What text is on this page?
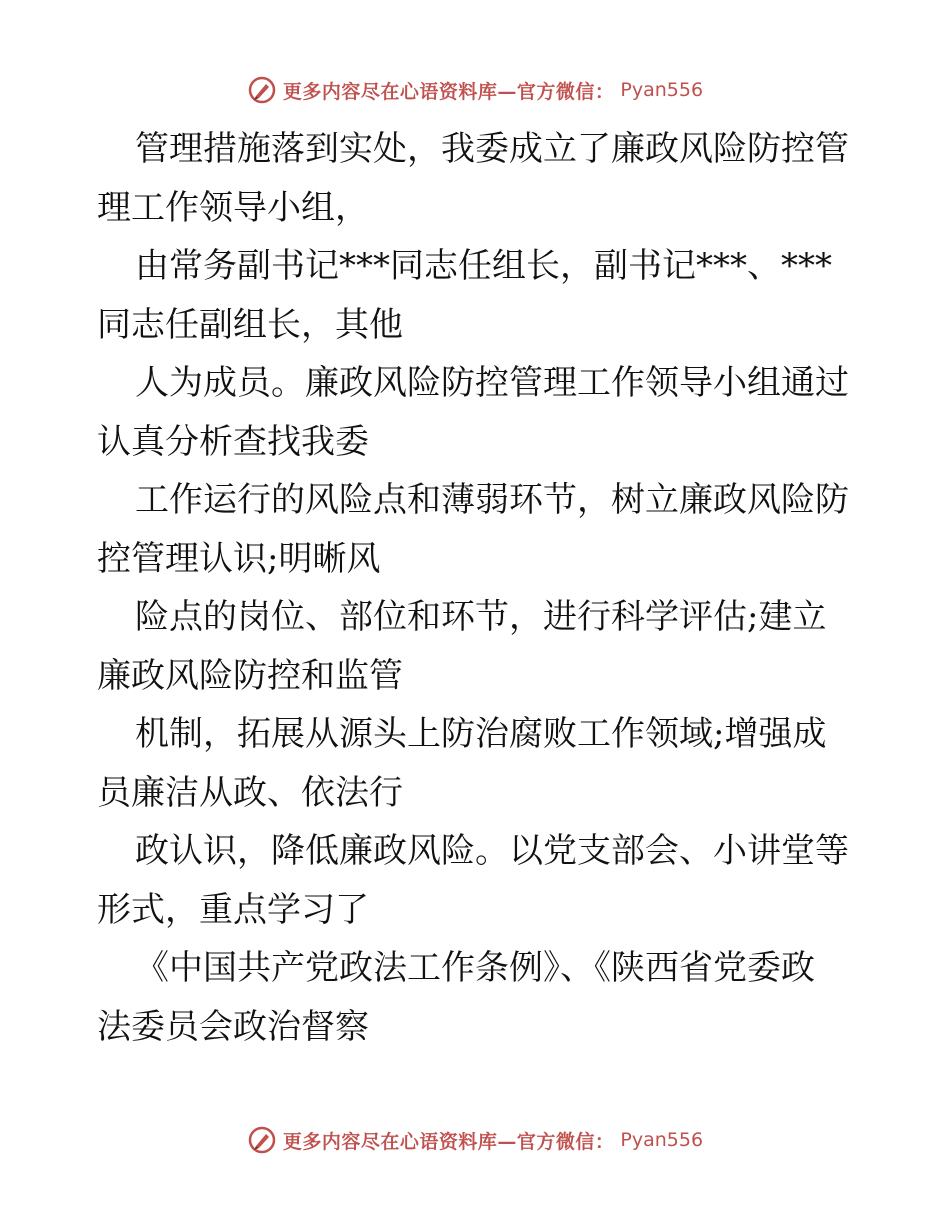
更多内容尽在心语资料库—官方微信： Pyan556
管理措施落到实处，我委成立了廉政风险防控管
理工作领导小组，
由常务副书记***同志任组长，副书记***、***
同志任副组长，其他
人为成员。廉政风险防控管理工作领导小组通过
认真分析查找我委
工作运行的风险点和薄弱环节，树立廉政风险防
控管理认识;明晰风
险点的岗位、部位和环节，进行科学评估;建立
廉政风险防控和监管
机制，拓展从源头上防治腐败工作领域;增强成
员廉洁从政、依法行
政认识，降低廉政风险。以党支部会、小讲堂等
形式，重点学习了
《中国共产党政法工作条例》、《陕西省党委政
法委员会政治督察
更多内容尽在心语资料库—官方微信： Pyan556
